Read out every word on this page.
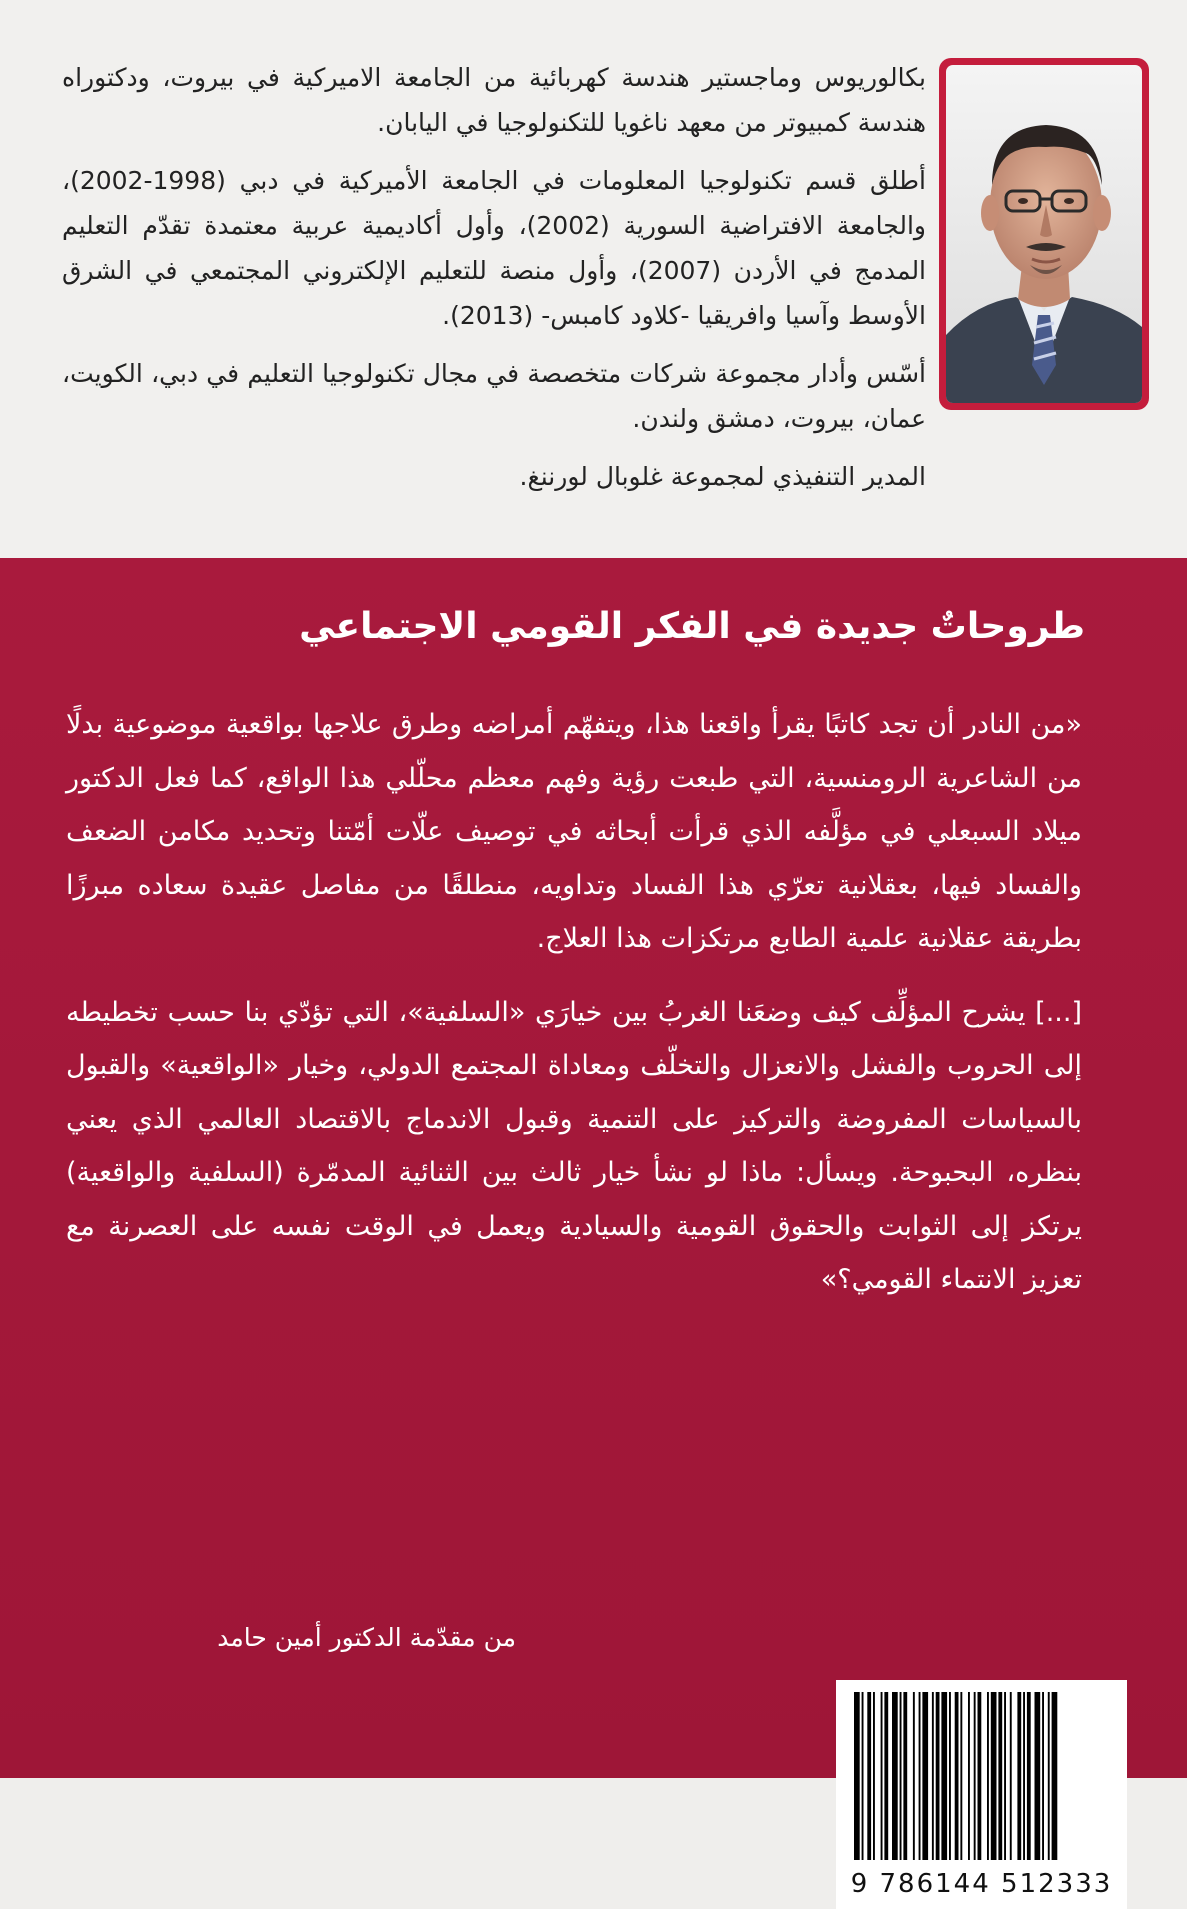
بكالوريوس وماجستير هندسة كهربائية من الجامعة الاميركية في بيروت، ودكتوراه هندسة كمبيوتر من معهد ناغويا للتكنولوجيا في اليابان.

أطلق قسم تكنولوجيا المعلومات في الجامعة الأميركية في دبي (1998-2002)، والجامعة الافتراضية السورية (2002)، وأول أكاديمية عربية معتمدة تقدّم التعليم المدمج في الأردن (2007)، وأول منصة للتعليم الإلكتروني المجتمعي في الشرق الأوسط وآسيا وافريقيا -كلاود كامبس- (2013).

أسّس وأدار مجموعة شركات متخصصة في مجال تكنولوجيا التعليم في دبي، الكويت، عمان، بيروت، دمشق ولندن.

المدير التنفيذي لمجموعة غلوبال لورننغ.

طروحاتٌ جديدة في الفكر القومي الاجتماعي

«من النادر أن تجد كاتبًا يقرأ واقعنا هذا، ويتفهّم أمراضه وطرق علاجها بواقعية موضوعية بدلًا من الشاعرية الرومنسية، التي طبعت رؤية وفهم معظم محلّلي هذا الواقع، كما فعل الدكتور ميلاد السبعلي في مؤلَّفه الذي قرأت أبحاثه في توصيف علّات أمّتنا وتحديد مكامن الضعف والفساد فيها، بعقلانية تعرّي هذا الفساد وتداويه، منطلقًا من مفاصل عقيدة سعاده مبرزًا بطريقة عقلانية علمية الطابع مرتكزات هذا العلاج.

[...] يشرح المؤلِّف كيف وضعَنا الغربُ بين خيارَي «السلفية»، التي تؤدّي بنا حسب تخطيطه إلى الحروب والفشل والانعزال والتخلّف ومعاداة المجتمع الدولي، وخيار «الواقعية» والقبول بالسياسات المفروضة والتركيز على التنمية وقبول الاندماج بالاقتصاد العالمي الذي يعني بنظره، البحبوحة. ويسأل: ماذا لو نشأ خيار ثالث بين الثنائية المدمّرة (السلفية والواقعية) يرتكز إلى الثوابت والحقوق القومية والسيادية ويعمل في الوقت نفسه على العصرنة مع تعزيز الانتماء القومي؟»

من مقدّمة الدكتور أمين حامد
9 786144 512333
